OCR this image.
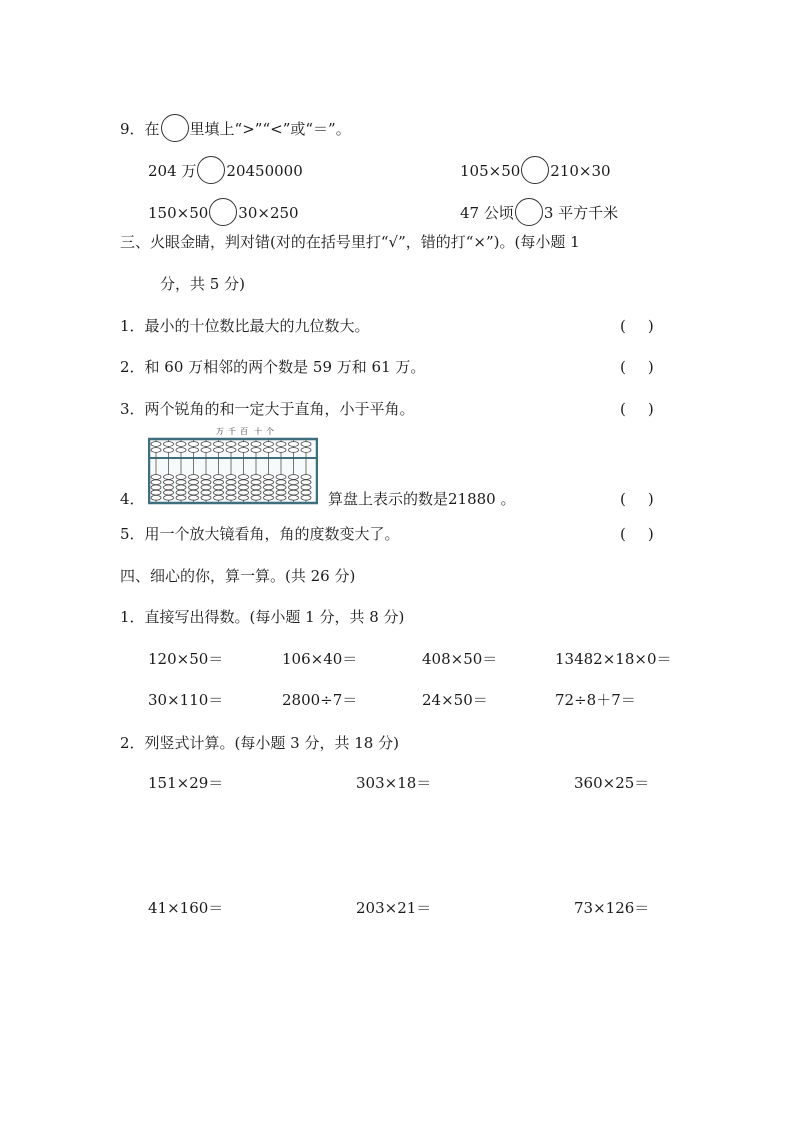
9．在 里填上“>”“<”或“＝”。
204 万 20450000	105×50 210×30
150×50 30×250	47 公顷 3 平方千米
三、火眼金睛，判对错(对的在括号里打“√”，错的打“×”)。(每小题 1
分，共 5 分)
1．最小的十位数比最大的九位数大。	( )
2．和 60 万相邻的两个数是 59 万和 61 万。	( )
3．两个锐角的和一定大于直角，小于平角。	( )
万 千 百 十 个
4．	算盘上表示的数是21880 。	( )
5．用一个放大镜看角，角的度数变大了。	( )
四、细心的你，算一算。(共 26 分)
1．直接写出得数。(每小题 1 分，共 8 分)
120×50＝	106×40＝	408×50＝	13482×18×0＝
30×110＝	2800÷7＝	24×50＝	72÷8＋7＝
2．列竖式计算。(每小题 3 分，共 18 分)
151×29＝	303×18＝	360×25＝
41×160＝	203×21＝	73×126＝
